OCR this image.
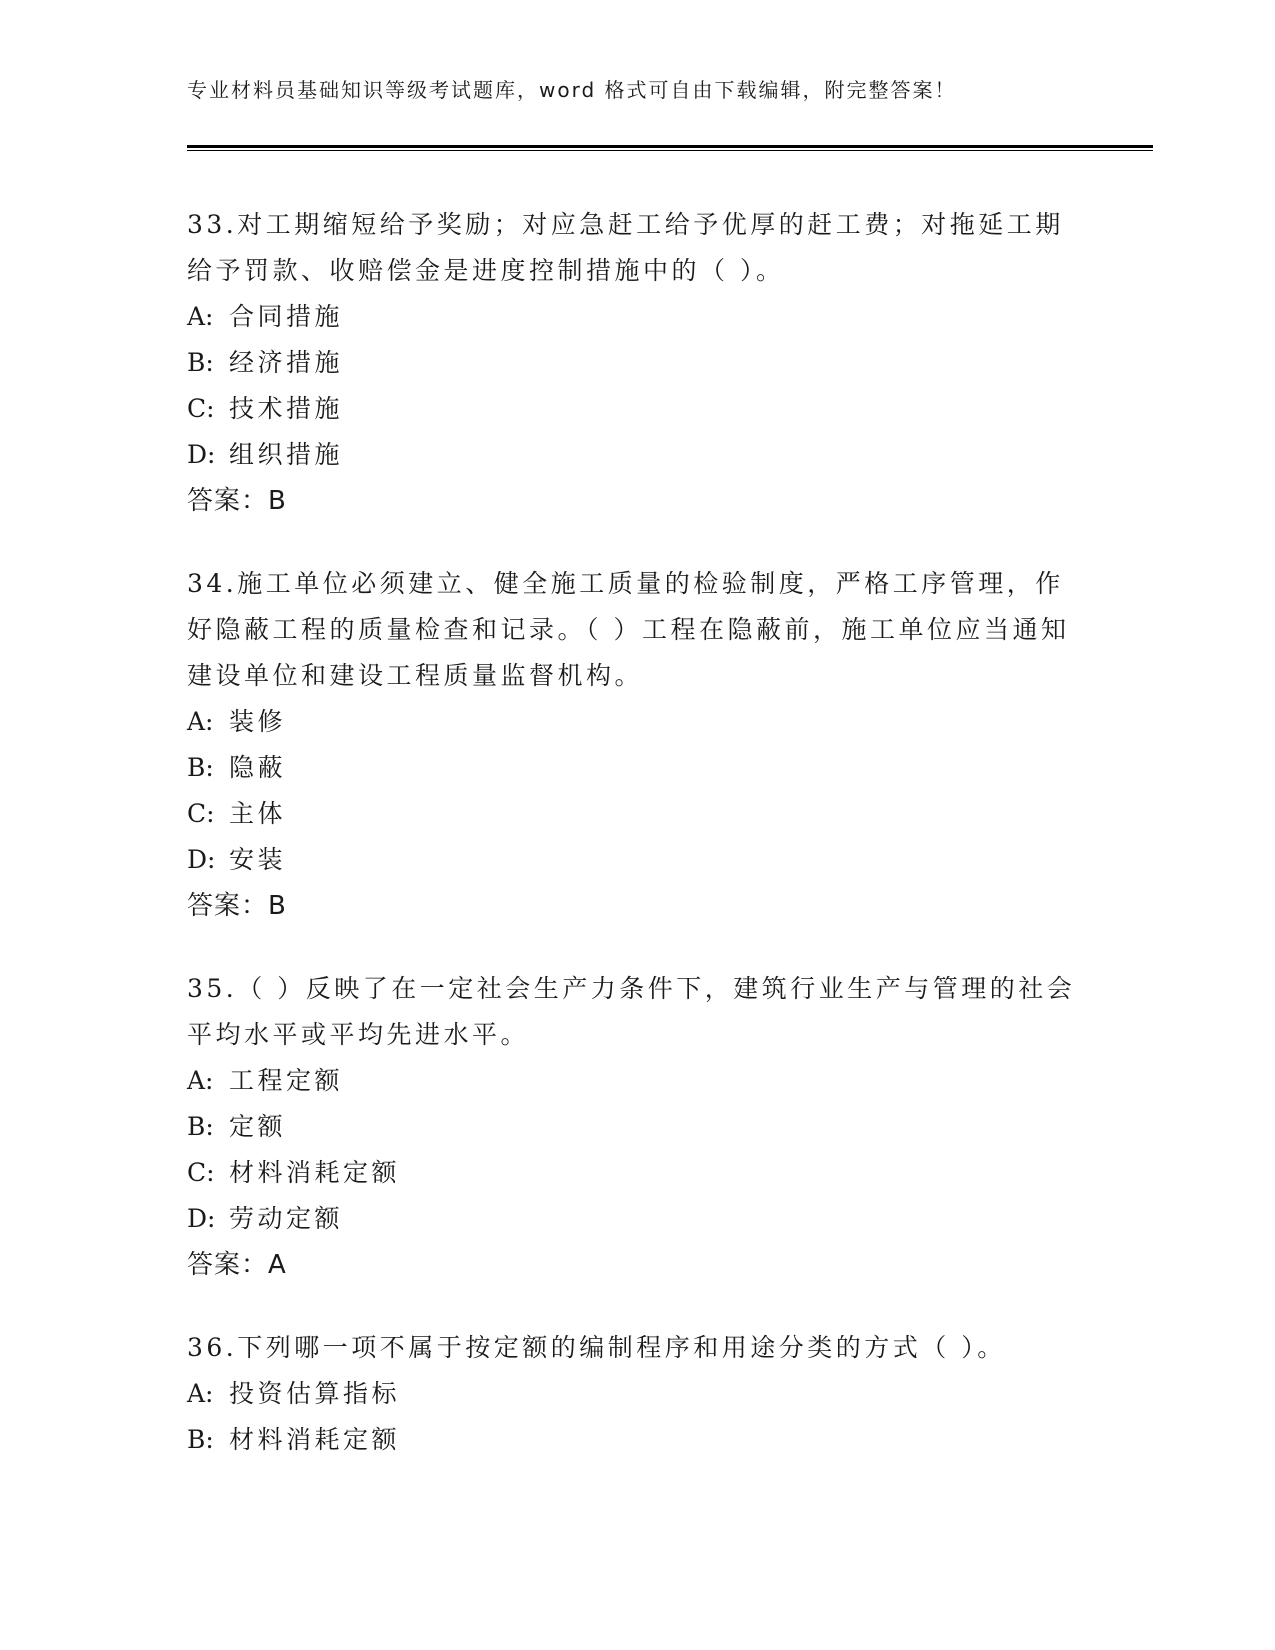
专业材料员基础知识等级考试题库，word 格式可自由下载编辑，附完整答案！

33.对工期缩短给予奖励；对应急赶工给予优厚的赶工费；对拖延工期给予罚款、收赔偿金是进度控制措施中的（ ）。

A: 合同措施
B: 经济措施
C: 技术措施
D: 组织措施
答案：B

34.施工单位必须建立、健全施工质量的检验制度，严格工序管理，作好隐蔽工程的质量检查和记录。（ ）工程在隐蔽前，施工单位应当通知建设单位和建设工程质量监督机构。

A: 装修
B: 隐蔽
C: 主体
D: 安装
答案：B

35.（ ）反映了在一定社会生产力条件下，建筑行业生产与管理的社会平均水平或平均先进水平。

A: 工程定额
B: 定额
C: 材料消耗定额
D: 劳动定额
答案：A

36.下列哪一项不属于按定额的编制程序和用途分类的方式（ ）。

A: 投资估算指标
B: 材料消耗定额
